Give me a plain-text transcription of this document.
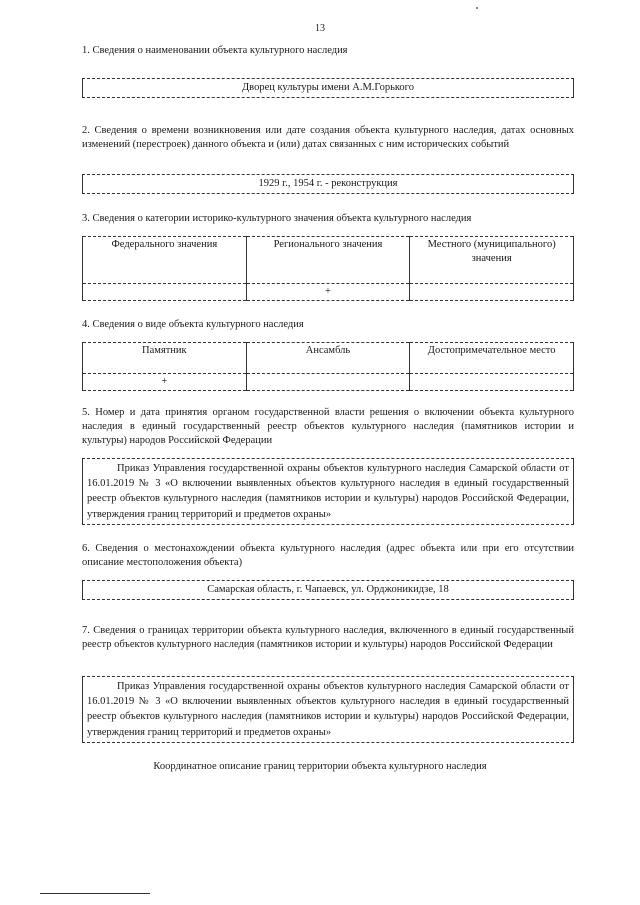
13
1. Сведения о наименовании объекта культурного наследия
Дворец культуры имени А.М.Горького
2. Сведения о времени возникновения или дате создания объекта культурного наследия, датах основных изменений (перестроек) данного объекта и (или) датах связанных с ним исторических событий
1929 г., 1954 г. - реконструкция
3. Сведения о категории историко-культурного значения объекта культурного наследия
Федерального значения	Регионального значения	Местного (муниципального) значения
	+	
4. Сведения о виде объекта культурного наследия
Памятник	Ансамбль	Достопримечательное место
+		
5. Номер и дата принятия органом государственной власти решения о включении объекта культурного наследия в единый государственный реестр объектов культурного наследия (памятников истории и культуры) народов Российской Федерации
Приказ Управления государственной охраны объектов культурного наследия Самарской области от 16.01.2019 № 3 «О включении выявленных объектов культурного наследия в единый государственный реестр объектов культурного наследия (памятников истории и культуры) народов Российской Федерации, утверждения границ территорий и предметов охраны»
6. Сведения о местонахождении объекта культурного наследия (адрес объекта или при его отсутствии описание местоположения объекта)
Самарская область, г. Чапаевск, ул. Орджоникидзе, 18
7. Сведения о границах территории объекта культурного наследия, включенного в единый государственный реестр объектов культурного наследия (памятников истории и культуры) народов Российской Федерации
Приказ Управления государственной охраны объектов культурного наследия Самарской области от 16.01.2019 № 3 «О включении выявленных объектов культурного наследия в единый государственный реестр объектов культурного наследия (памятников истории и культуры) народов Российской Федерации, утверждения границ территорий и предметов охраны»
Координатное описание границ территории объекта культурного наследия
